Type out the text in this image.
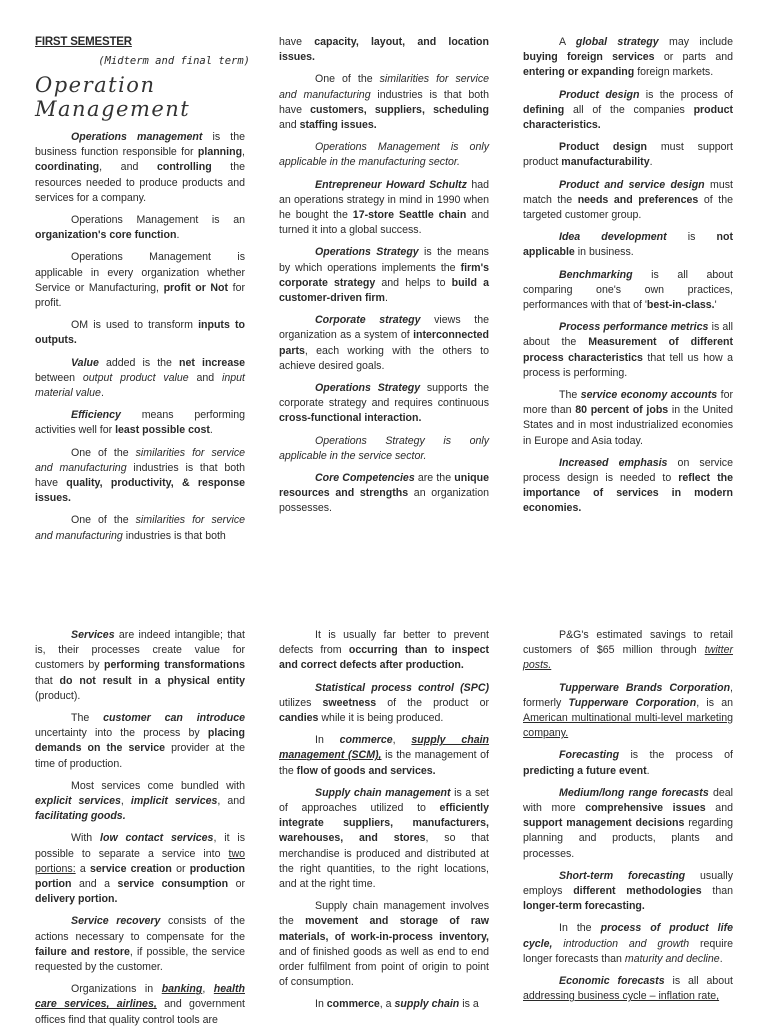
FIRST SEMESTER
(Midterm and final term)
Operation Management

Operations management is the business function responsible for planning, coordinating, and controlling the resources needed to produce products and services for a company.

Operations Management is an organization's core function.

Operations Management is applicable in every organization whether Service or Manufacturing, profit or Not for profit.

OM is used to transform inputs to outputs.

Value added is the net increase between output product value and input material value.

Efficiency means performing activities well for least possible cost.

One of the similarities for service and manufacturing industries is that both have quality, productivity, & response issues.

One of the similarities for service and manufacturing industries is that both

have capacity, layout, and location issues.

One of the similarities for service and manufacturing industries is that both have customers, suppliers, scheduling and staffing issues.

Operations Management is only applicable in the manufacturing sector.

Entrepreneur Howard Schultz had an operations strategy in mind in 1990 when he bought the 17-store Seattle chain and turned it into a global success.

Operations Strategy is the means by which operations implements the firm's corporate strategy and helps to build a customer-driven firm.

Corporate strategy views the organization as a system of interconnected parts, each working with the others to achieve desired goals.

Operations Strategy supports the corporate strategy and requires continuous cross-functional interaction.

Operations Strategy is only applicable in the service sector.

Core Competencies are the unique resources and strengths an organization possesses.

A global strategy may include buying foreign services or parts and entering or expanding foreign markets.

Product design is the process of defining all of the companies product characteristics.

Product design must support product manufacturability.

Product and service design must match the needs and preferences of the targeted customer group.

Idea development is not applicable in business.

Benchmarking is all about comparing one's own practices, performances with that of 'best-in-class.'

Process performance metrics is all about the Measurement of different process characteristics that tell us how a process is performing.

The service economy accounts for more than 80 percent of jobs in the United States and in most industrialized economies in Europe and Asia today.

Increased emphasis on service process design is needed to reflect the importance of services in modern economies.

Services are indeed intangible; that is, their processes create value for customers by performing transformations that do not result in a physical entity (product).

The customer can introduce uncertainty into the process by placing demands on the service provider at the time of production.

Most services come bundled with explicit services, implicit services, and facilitating goods.

With low contact services, it is possible to separate a service into two portions: a service creation or production portion and a service consumption or delivery portion.

Service recovery consists of the actions necessary to compensate for the failure and restore, if possible, the service requested by the customer.

Organizations in banking, health care services, airlines, and government offices find that quality control tools are

It is usually far better to prevent defects from occurring than to inspect and correct defects after production.

Statistical process control (SPC) utilizes sweetness of the product or candies while it is being produced.

In commerce, supply chain management (SCM), is the management of the flow of goods and services.

Supply chain management is a set of approaches utilized to efficiently integrate suppliers, manufacturers, warehouses, and stores, so that merchandise is produced and distributed at the right quantities, to the right locations, and at the right time.

Supply chain management involves the movement and storage of raw materials, of work-in-process inventory, and of finished goods as well as end to end order fulfilment from point of origin to point of consumption.

In commerce, a supply chain is a

P&G's estimated savings to retail customers of $65 million through twitter posts.

Tupperware Brands Corporation, formerly Tupperware Corporation, is an American multinational multi-level marketing company.

Forecasting is the process of predicting a future event.

Medium/long range forecasts deal with more comprehensive issues and support management decisions regarding planning and products, plants and processes.

Short-term forecasting usually employs different methodologies than longer-term forecasting.

In the process of product life cycle, introduction and growth require longer forecasts than maturity and decline.

Economic forecasts is all about addressing business cycle – inflation rate,
